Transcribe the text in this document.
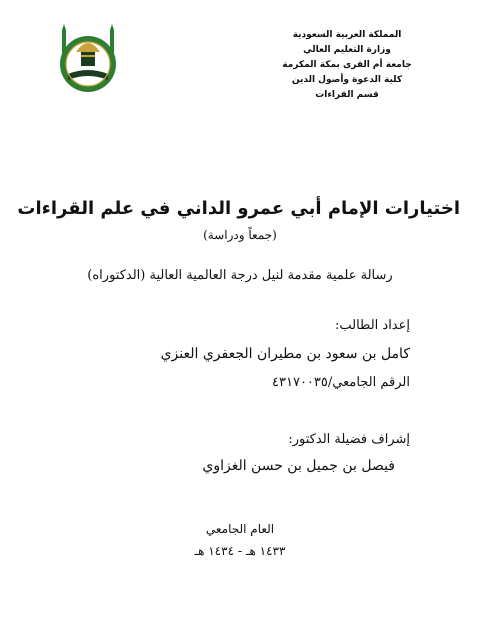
المملكة العربية السعودية
وزارة التعليم العالي
جامعة أم القرى بمكة المكرمة
كلية الدعوة وأصول الدين
قسم القراءات
اختيارات الإمام أبي عمرو الداني في علم القراءات
(جمعاً ودراسة)
رسالة علمية مقدمة لنيل درجة العالمية العالية (الدكتوراه)
إعداد الطالب:
كامل بن سعود بن مطيران الجعفري العنزي
الرقم الجامعي/٤٣١٧٠٠٣٥
إشراف فضيلة الدكتور:
فيصل بن جميل بن حسن الغزاوي
العام الجامعي
١٤٣٣ هـ - ١٤٣٤ هـ
